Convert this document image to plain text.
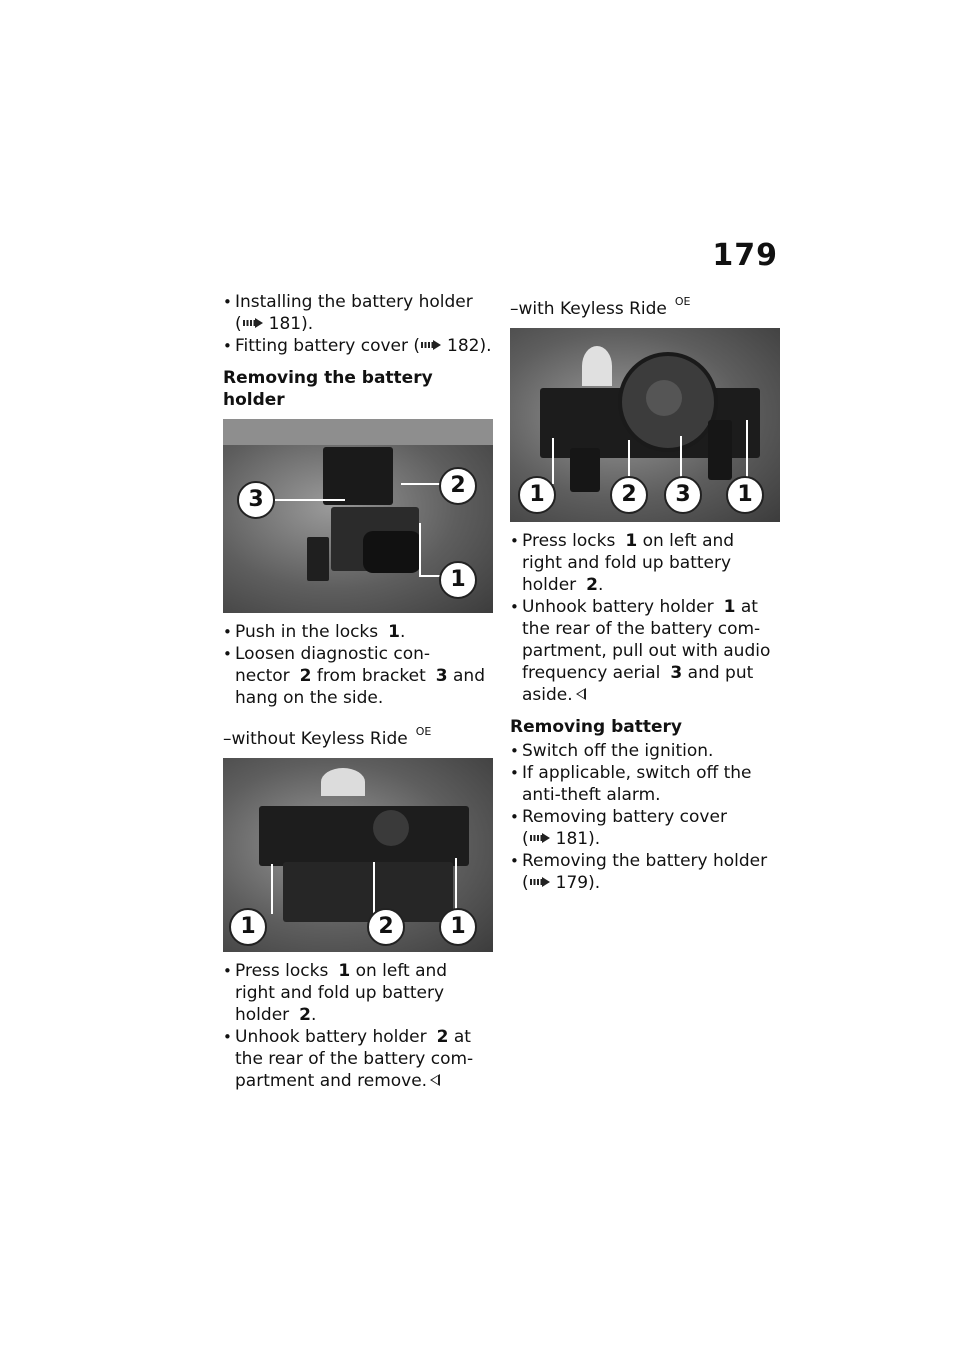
179

• Installing the battery holder
( 181).

• Fitting battery cover ( 182).

Removing the battery holder

3
2
1

• Push in the locks 1.

• Loosen diagnostic con-
nector 2 from bracket 3 and
hang on the side.

–without Keyless Ride $^{OE}$

1	2	1

• Press locks 1 on left and
right and fold up battery
holder 2.

• Unhook battery holder 2 at
the rear of the battery com-
partment and remove.

–with Keyless Ride $^{OE}$

1	2	3	1

• Press locks 1 on left and
right and fold up battery
holder 2.

• Unhook battery holder 1 at
the rear of the battery com-
partment, pull out with audio
frequency aerial 3 and put
aside.

Removing battery

• Switch off the ignition.

• If applicable, switch off the
anti-theft alarm.

• Removing battery cover
( 181).

• Removing the battery holder
( 179).
